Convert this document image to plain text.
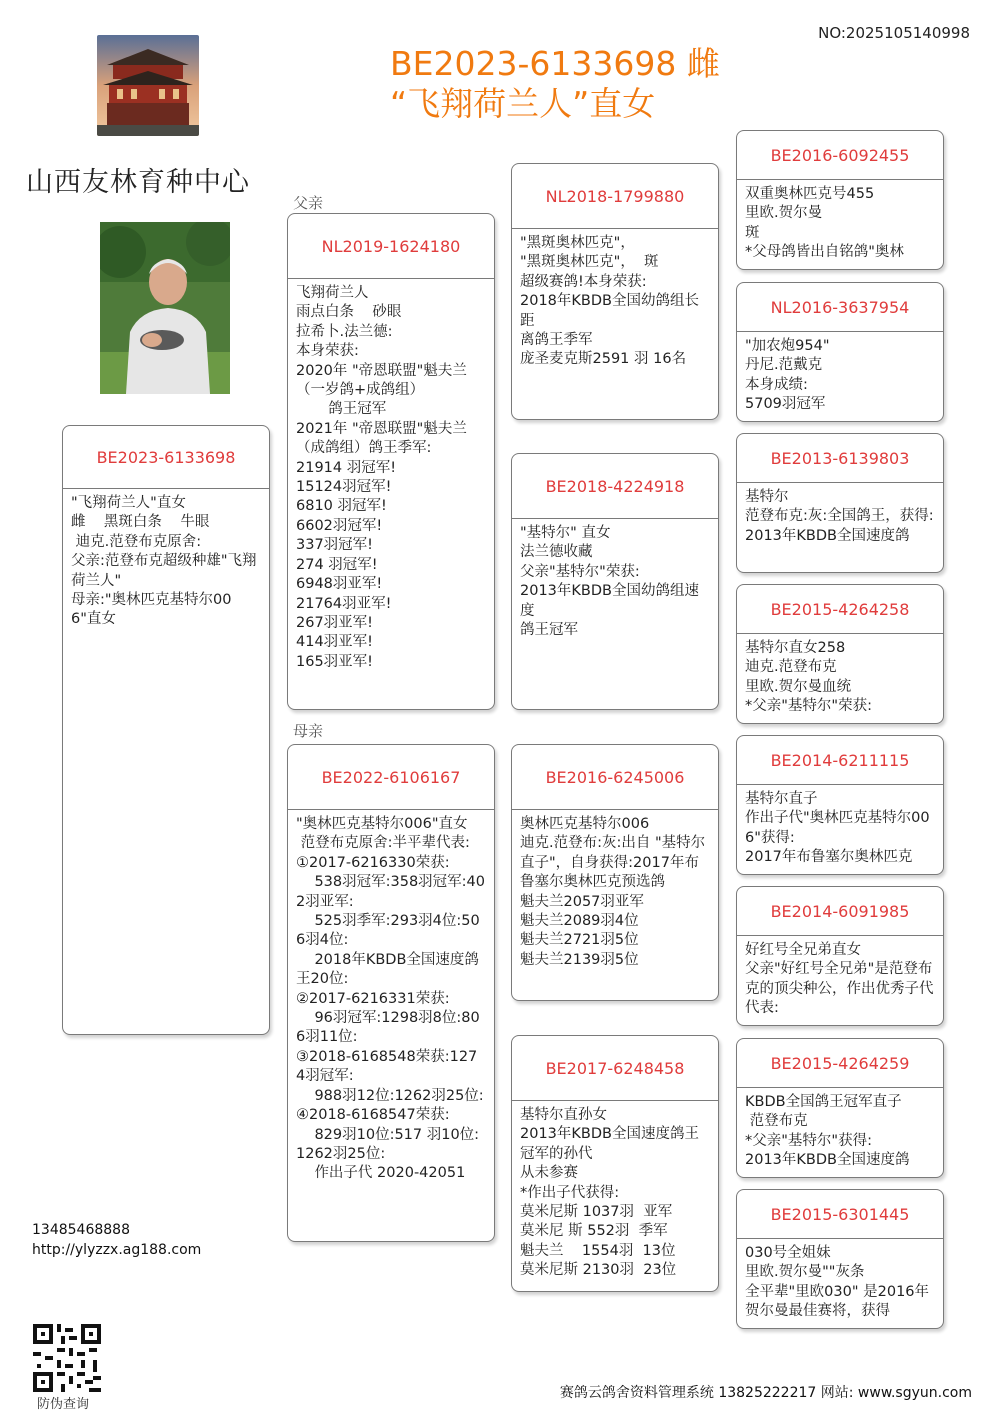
NO:2025105140998
BE2023-6133698 雌
“飞翔荷兰人”直女
山西友林育种中心
父亲
母亲
BE2023-6133698
"飞翔荷兰人"直女
雌    黑斑白条    牛眼
迪克.范登布克原舍:
父亲:范登布克超级种雄"飞翔荷兰人"
母亲:"奥林匹克基特尔006"直女
NL2019-1624180
飞翔荷兰人
雨点白条    砂眼
拉希卜.法兰德:
本身荣获:
2020年 "帝恩联盟"魁夫兰（一岁鸽+成鸽组）
鸽王冠军
2021年 "帝恩联盟"魁夫兰（成鸽组）鸽王季军:
21914 羽冠军!
15124羽冠军!
6810 羽冠军!
6602羽冠军!
337羽冠军!
274 羽冠军!
6948羽亚军!
21764羽亚军!
267羽亚军!
414羽亚军!
165羽亚军!
BE2022-6106167
"奥林匹克基特尔006"直女
范登布克原舍:半平辈代表:
①2017-6216330荣获:
538羽冠军:358羽冠军:402羽亚军:
525羽季军:293羽4位:506羽4位:
2018年KBDB全国速度鸽王20位:
②2017-6216331荣获:
96羽冠军:1298羽8位:806羽11位:
③2018-6168548荣获:1274羽冠军:
988羽12位:1262羽25位:
④2018-6168547荣获:
829羽10位:517 羽10位:1262羽25位:
作出子代 2020-42051
NL2018-1799880
"黑斑奥林匹克"，
"黑斑奥林匹克"，  斑
超级赛鸽!本身荣获:
2018年KBDB全国幼鸽组长距
离鸽王季军
庞圣麦克斯2591 羽 16名
BE2018-4224918
"基特尔" 直女
法兰德收藏
父亲"基特尔"荣获:
2013年KBDB全国幼鸽组速度
鸽王冠军
BE2016-6245006
奥林匹克基特尔006
迪克.范登布:灰:出自 "基特尔直子"，自身获得:2017年布鲁塞尔奥林匹克预选鸽
魁夫兰2057羽亚军
魁夫兰2089羽4位
魁夫兰2721羽5位
魁夫兰2139羽5位
BE2017-6248458
基特尔直孙女
2013年KBDB全国速度鸽王冠军的孙代
从未参赛
*作出子代获得:
莫米尼斯 1037羽  亚军
莫米尼 斯 552羽  季军
魁夫兰    1554羽  13位
莫米尼斯 2130羽  23位
BE2016-6092455
双重奥林匹克号455
里欧.贺尔曼
斑
*父母鸽皆出自铭鸽"奥林
NL2016-3637954
"加农炮954"
丹尼.范戴克
本身成绩:
5709羽冠军
BE2013-6139803
基特尔
范登布克:灰:全国鸽王，获得:
2013年KBDB全国速度鸽
BE2015-4264258
基特尔直女258
迪克.范登布克
里欧.贺尔曼血统
*父亲"基特尔"荣获:
BE2014-6211115
基特尔直子
作出子代"奥林匹克基特尔006"获得:
2017年布鲁塞尔奥林匹克
BE2014-6091985
好红号全兄弟直女
父亲"好红号全兄弟"是范登布克的顶尖种公，作出优秀子代代表:
BE2015-4264259
KBDB全国鸽王冠军直子
范登布克
*父亲"基特尔"获得:
2013年KBDB全国速度鸽
BE2015-6301445
030号全姐妹
里欧.贺尔曼""灰条
全平辈"里欧030" 是2016年贺尔曼最佳赛将，获得
13485468888
http://ylyzzx.ag188.com
防伪查询
赛鸽云鸽舍资料管理系统 13825222217 网站: www.sgyun.com
